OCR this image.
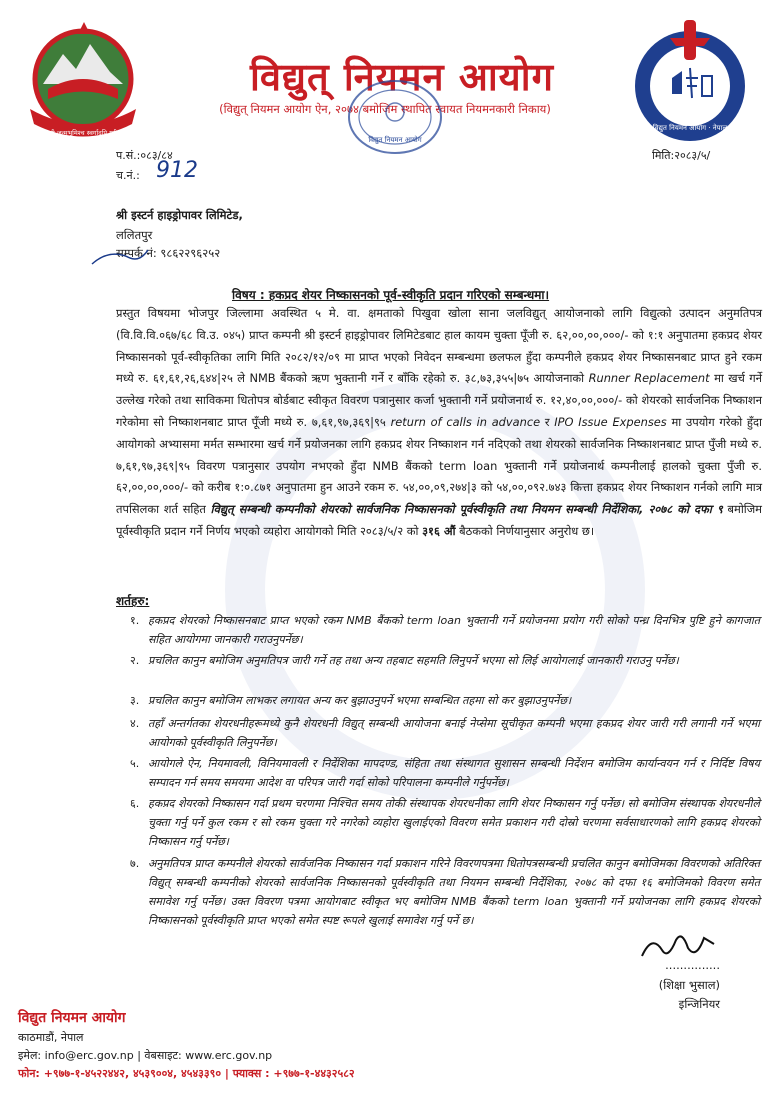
जननी जन्मभूमिश्च स्वर्गादपि गरीयसी
विद्युत् नियमन आयोग
(विद्युत् नियमन आयोग ऐन, २०७४ बमोजिम स्थापित स्वायत नियमनकारी निकाय)
विद्युत नियमन आयोग
विद्युत नियमन आयोग · नेपाल
प.सं.:०८३/८४
च.नं.: 912
मिति:२०८३/५/
श्री इस्टर्न हाइड्रोपावर लिमिटेड,
ललितपुर
सम्पर्क नं: ९८६२२९६२५२
विषय : हकप्रद शेयर निष्कासनको पूर्व-स्वीकृति प्रदान गरिएको सम्बन्धमा।

प्रस्तुत विषयमा भोजपुर जिल्लामा अवस्थित ५ मे. वा. क्षमताको पिखुवा खोला साना जलविद्युत् आयोजनाको लागि विद्युत्को उत्पादन अनुमतिपत्र (वि.वि.वि.०६७/६८ वि.उ. ०४५) प्राप्त कम्पनी श्री इस्टर्न हाइड्रोपावर लिमिटेडबाट हाल कायम चुक्ता पूँजी रु. ६२,००,००,०००/- को १:१ अनुपातमा हकप्रद शेयर निष्कासनको पूर्व-स्वीकृतिका लागि मिति २०८२/१२/०९ मा प्राप्त भएको निवेदन सम्बन्धमा छलफल हुँदा कम्पनीले हकप्रद शेयर निष्कासनबाट प्राप्त हुने रकम मध्ये रु. ६१,६१,२६,६४४|२५ ले NMB बैंकको ऋण भुक्तानी गर्ने र बाँकि रहेको रु. ३८,७३,३५५|७५ आयोजनाको Runner Replacement मा खर्च गर्ने उल्लेख गरेको तथा साविकमा धितोपत्र बोर्डबाट स्वीकृत विवरण पत्रानुसार कर्जा भुक्तानी गर्ने प्रयोजनार्थ रु. १२,४०,००,०००/- को शेयरको सार्वजनिक निष्काशन गरेकोमा सो निष्काशनबाट प्राप्त पूँजी मध्ये रु. ७,६१,९७,३६९|९५ return of calls in advance र IPO Issue Expenses मा उपयोग गरेको हुँदा आयोगको अभ्यासमा मर्मत सम्भारमा खर्च गर्ने प्रयोजनका लागि हकप्रद शेयर निष्काशन गर्न नदिएको तथा शेयरको सार्वजनिक निष्काशनबाट प्राप्त पुँजी मध्ये रु. ७,६१,९७,३६९|९५ विवरण पत्रानुसार उपयोग नभएको हुँदा NMB बैंकको term loan भुक्तानी गर्ने प्रयोजनार्थ कम्पनीलाई हालको चुक्ता पुँजी रु. ६२,००,००,०००/- को करीब १:०.८७१ अनुपातमा हुन आउने रकम रु. ५४,००,०९,२७४|३ को ५४,००,०९२.७४३ कित्ता हकप्रद शेयर निष्काशन गर्नको लागि मात्र तपसिलका शर्त सहित विद्युत् सम्बन्धी कम्पनीको शेयरको सार्वजनिक निष्कासनको पूर्वस्वीकृति तथा नियमन सम्बन्धी निर्देशिका, २०७८ को दफा ९ बमोजिम पूर्वस्वीकृति प्रदान गर्ने निर्णय भएको व्यहोरा आयोगको मिति २०८३/५/२ को ३१६ औं बैठकको निर्णयानुसार अनुरोध छ।

शर्तहरु:
१. हकप्रद शेयरको निष्कासनबाट प्राप्त भएको रकम NMB बैंकको term loan भुक्तानी गर्ने प्रयोजनमा प्रयोग गरी सोको पन्ध्र दिनभित्र पुष्टि हुने कागजात सहित आयोगमा जानकारी गराउनुपर्नेछ।

२. प्रचलित कानुन बमोजिम अनुमतिपत्र जारी गर्ने तह तथा अन्य तहबाट सहमति लिनुपर्ने भएमा सो लिई आयोगलाई जानकारी गराउनु पर्नेछ।

३. प्रचलित कानुन बमोजिम लाभकर लगायत अन्य कर बुझाउनुपर्ने भएमा सम्बन्धित तहमा सो कर बुझाउनुपर्नेछ।

४. तहाँ अन्तर्गतका शेयरधनीहरूमध्ये कुनै शेयरधनी विद्युत् सम्बन्धी आयोजना बनाई नेप्सेमा सूचीकृत कम्पनी भएमा हकप्रद शेयर जारी गरी लगानी गर्ने भएमा आयोगको पूर्वस्वीकृति लिनुपर्नेछ।

५. आयोगले ऐन, नियमावली, विनियमावली र निर्देशिका मापदण्ड, संहिता तथा संस्थागत सुशासन सम्बन्धी निर्देशन बमोजिम कार्यान्वयन गर्न र निर्दिष्ट विषय सम्पादन गर्न समय समयमा आदेश वा परिपत्र जारी गर्दा सोको परिपालना कम्पनीले गर्नुपर्नेछ।

६. हकप्रद शेयरको निष्कासन गर्दा प्रथम चरणमा निश्चित समय तोकी संस्थापक शेयरधनीका लागि शेयर निष्कासन गर्नु पर्नेछ। सो बमोजिम संस्थापक शेयरधनीले चुक्ता गर्नु पर्ने कुल रकम र सो रकम चुक्ता गरे नगरेको व्यहोरा खुलाईएको विवरण समेत प्रकाशन गरी दोस्रो चरणमा सर्वसाधारणको लागि हकप्रद शेयरको निष्कासन गर्नु पर्नेछ।

७. अनुमतिपत्र प्राप्त कम्पनीले शेयरको सार्वजनिक निष्कासन गर्दा प्रकाशन गरिने विवरणपत्रमा धितोपत्रसम्बन्धी प्रचलित कानुन बमोजिमका विवरणको अतिरिक्त विद्युत् सम्बन्धी कम्पनीको शेयरको सार्वजनिक निष्कासनको पूर्वस्वीकृति तथा नियमन सम्बन्धी निर्देशिका, २०७८ को दफा १६ बमोजिमको विवरण समेत समावेश गर्नु पर्नेछ। उक्त विवरण पत्रमा आयोगबाट स्वीकृत भए बमोजिम NMB बैंकको term loan भुक्तानी गर्ने प्रयोजनका लागि हकप्रद शेयरको निष्कासनको पूर्वस्वीकृति प्राप्त भएको समेत स्पष्ट रूपले खुलाई समावेश गर्नु पर्ने छ।

...............
(शिक्षा भुसाल)
इन्जिनियर
विद्युत नियमन आयोग
काठमाडौं, नेपाल
इमेल: info@erc.gov.np | वेबसाइट: www.erc.gov.np
फोन: +९७७-१-४५२२४४२, ४५३९००४, ४५४३३९० | फ्याक्स : +९७७-१-४४३२५८२
